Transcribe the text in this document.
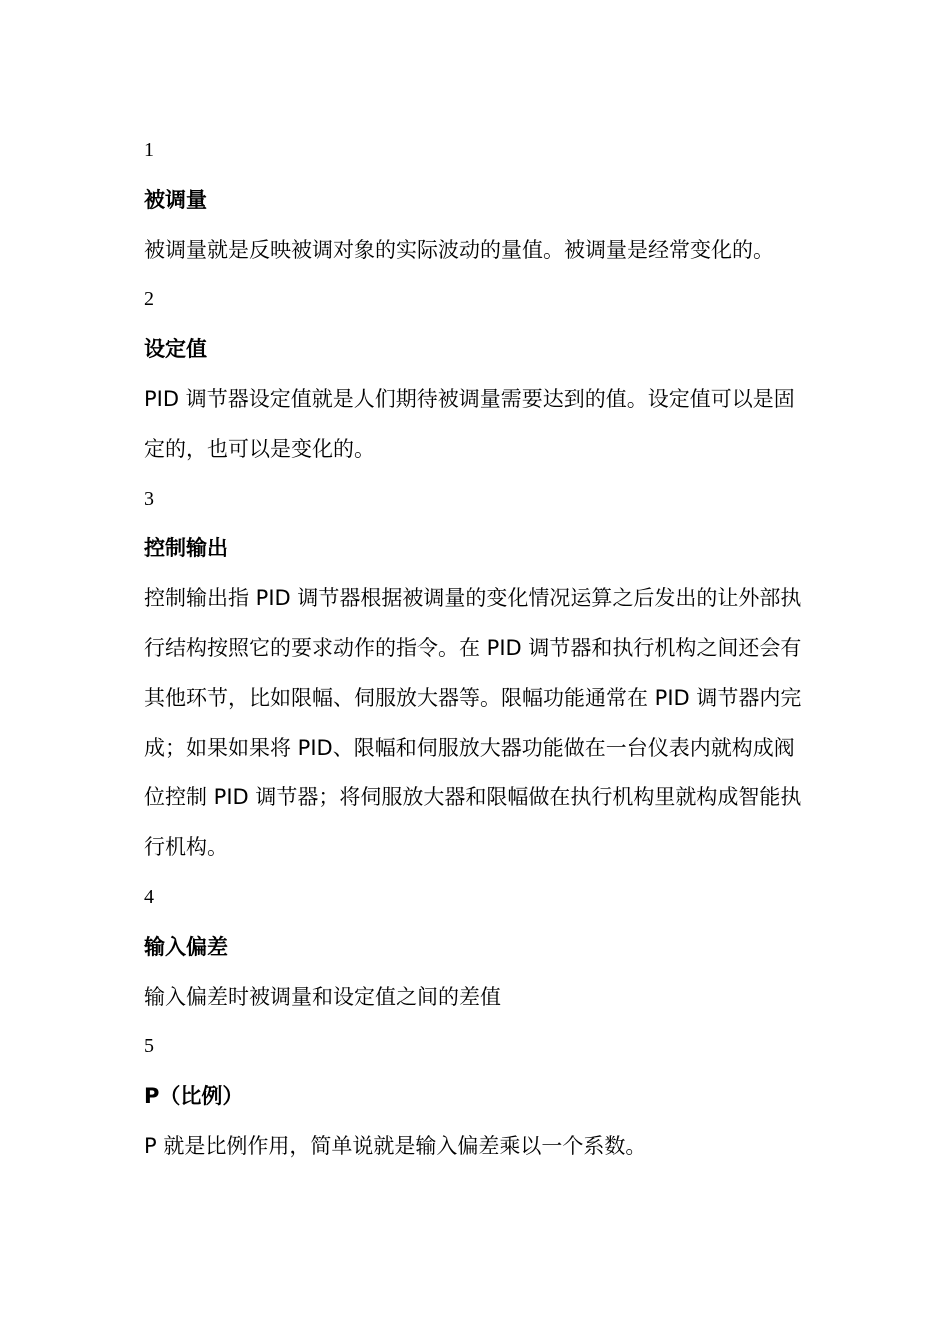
1
被调量
被调量就是反映被调对象的实际波动的量值。被调量是经常变化的。
2
设定值
PID 调节器设定值就是人们期待被调量需要达到的值。设定值可以是固定的，也可以是变化的。
3
控制输出
控制输出指 PID 调节器根据被调量的变化情况运算之后发出的让外部执行结构按照它的要求动作的指令。在 PID 调节器和执行机构之间还会有其他环节，比如限幅、伺服放大器等。限幅功能通常在 PID 调节器内完成；如果如果将 PID、限幅和伺服放大器功能做在一台仪表内就构成阀位控制 PID 调节器；将伺服放大器和限幅做在执行机构里就构成智能执行机构。
4
输入偏差
输入偏差时被调量和设定值之间的差值
5
P（比例）
P 就是比例作用，简单说就是输入偏差乘以一个系数。
